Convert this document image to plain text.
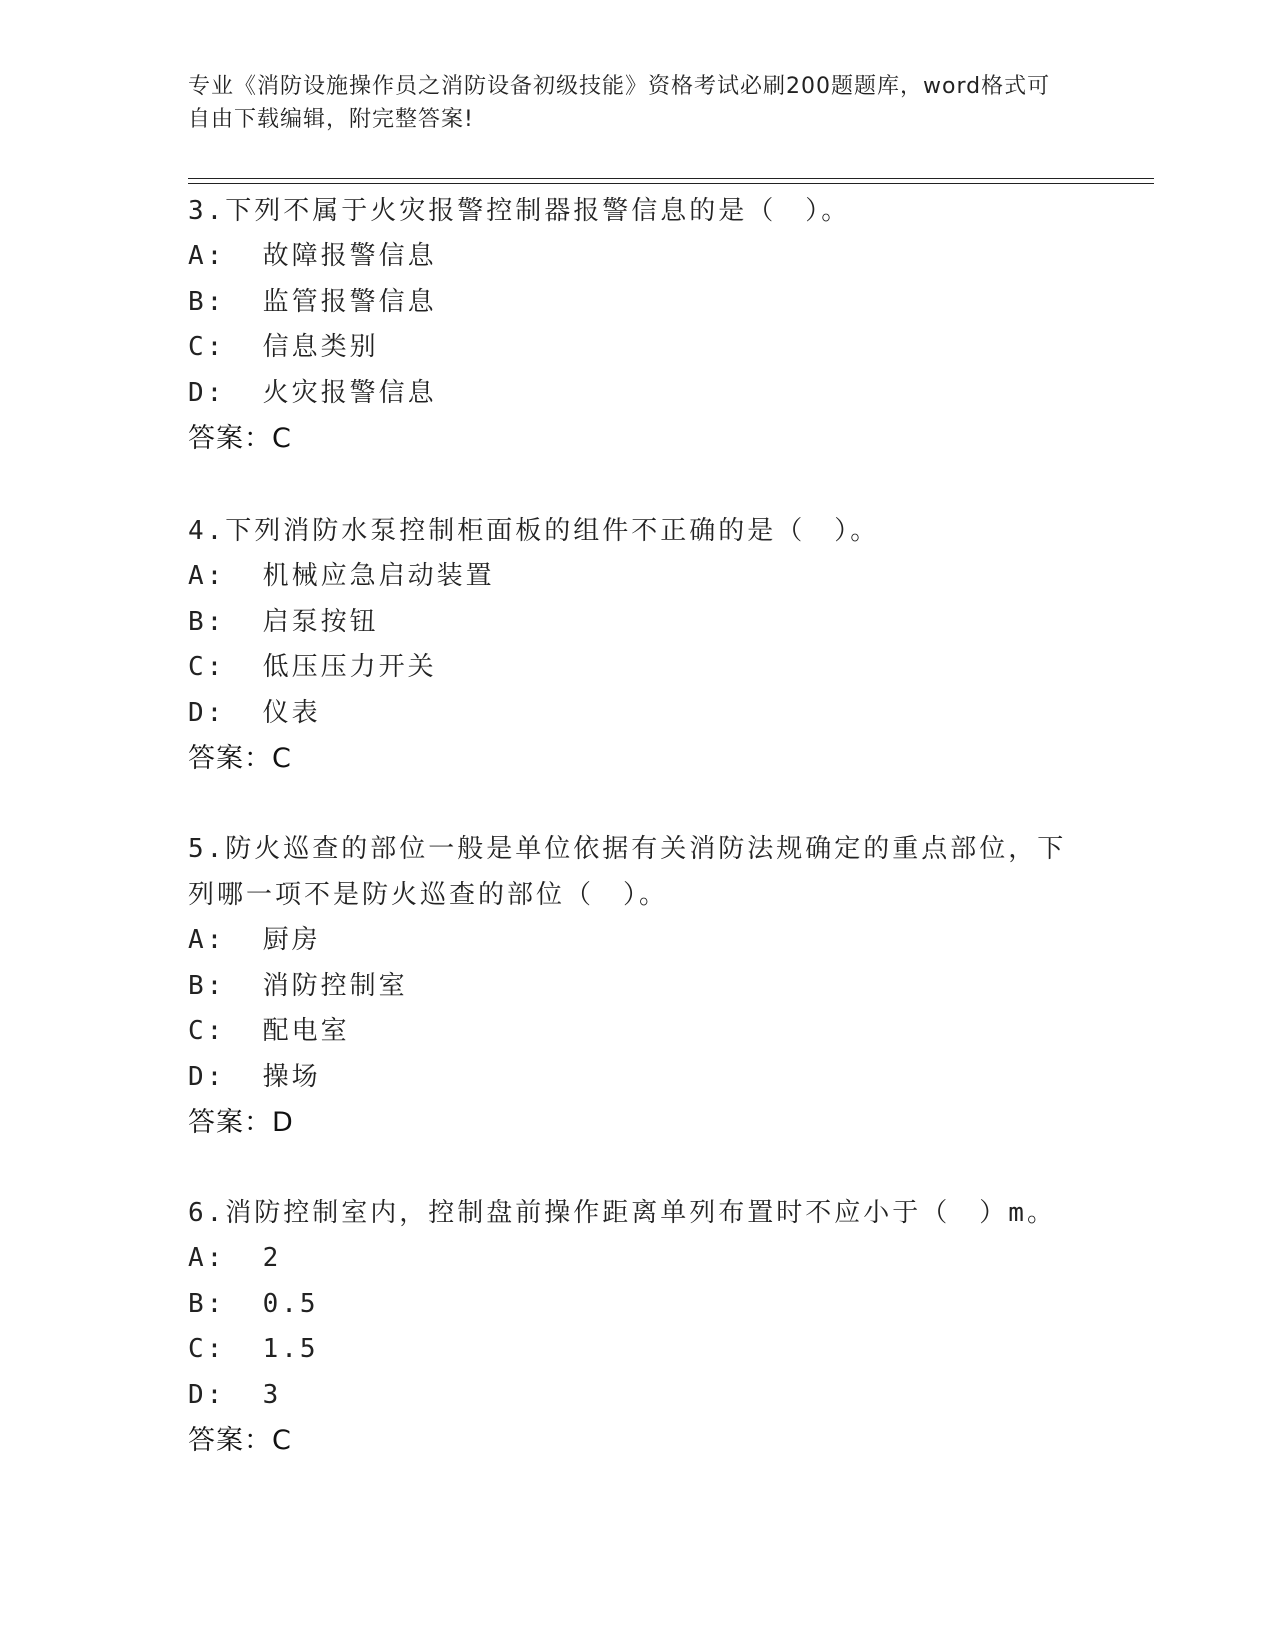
专业《消防设施操作员之消防设备初级技能》资格考试必刷200题题库，word格式可自由下载编辑，附完整答案!

3.下列不属于火灾报警控制器报警信息的是（　）。

A:  故障报警信息

B:  监管报警信息

C:  信息类别

D:  火灾报警信息

答案：C

4.下列消防水泵控制柜面板的组件不正确的是（　）。

A:  机械应急启动装置

B:  启泵按钮

C:  低压压力开关

D:  仪表

答案：C

5.防火巡查的部位一般是单位依据有关消防法规确定的重点部位，下列哪一项不是防火巡查的部位（　）。

A:  厨房

B:  消防控制室

C:  配电室

D:  操场

答案：D

6.消防控制室内，控制盘前操作距离单列布置时不应小于（　）m。

A:  2

B:  0.5

C:  1.5

D:  3

答案：C
